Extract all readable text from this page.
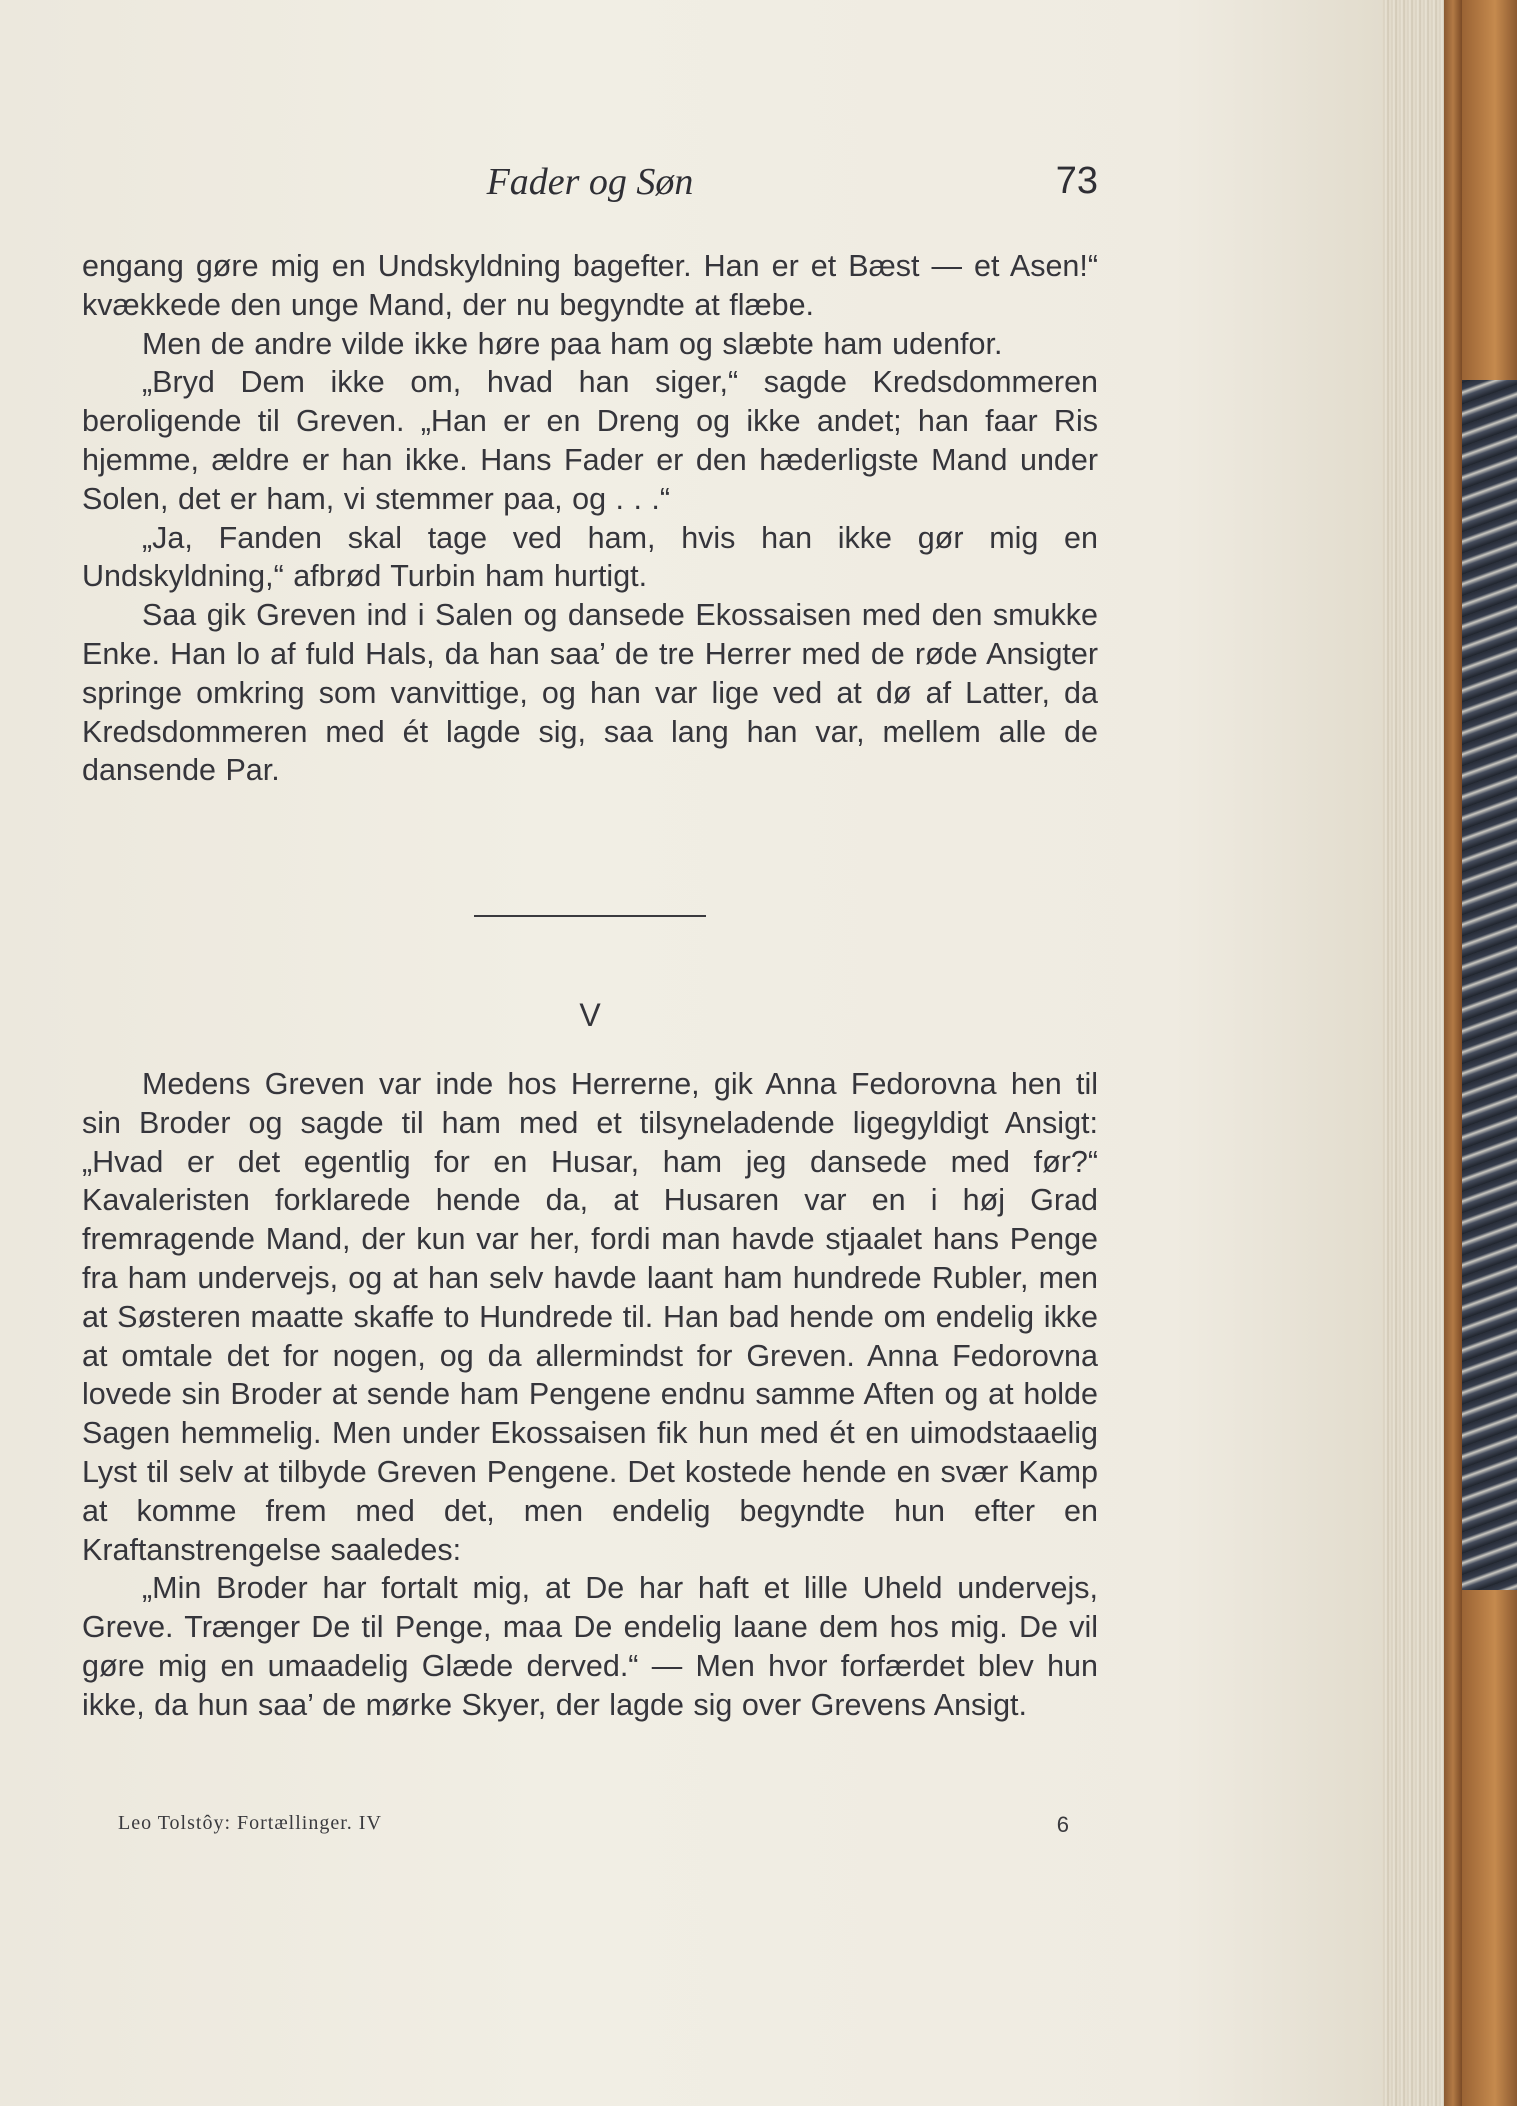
Fader og Søn	73

engang gøre mig en Undskyldning bagefter. Han er et Bæst — et Asen!“ kvækkede den unge Mand, der nu begyndte at flæbe.

Men de andre vilde ikke høre paa ham og slæbte ham udenfor.

„Bryd Dem ikke om, hvad han siger,“ sagde Kredsdommeren beroligende til Greven. „Han er en Dreng og ikke andet; han faar Ris hjemme, ældre er han ikke. Hans Fader er den hæderligste Mand under Solen, det er ham, vi stemmer paa, og . . .“

„Ja, Fanden skal tage ved ham, hvis han ikke gør mig en Undskyldning,“ afbrød Turbin ham hurtigt.

Saa gik Greven ind i Salen og dansede Ekossaisen med den smukke Enke. Han lo af fuld Hals, da han saa’ de tre Herrer med de røde Ansigter springe omkring som vanvittige, og han var lige ved at dø af Latter, da Kredsdommeren med ét lagde sig, saa lang han var, mellem alle de dansende Par.

V

Medens Greven var inde hos Herrerne, gik Anna Fedorovna hen til sin Broder og sagde til ham med et tilsyneladende ligegyldigt Ansigt: „Hvad er det egentlig for en Husar, ham jeg dansede med før?“ Kavaleristen forklarede hende da, at Husaren var en i høj Grad fremragende Mand, der kun var her, fordi man havde stjaalet hans Penge fra ham undervejs, og at han selv havde laant ham hundrede Rubler, men at Søsteren maatte skaffe to Hundrede til. Han bad hende om endelig ikke at omtale det for nogen, og da allermindst for Greven. Anna Fedorovna lovede sin Broder at sende ham Pengene endnu samme Aften og at holde Sagen hemmelig. Men under Ekossaisen fik hun med ét en uimodstaaelig Lyst til selv at tilbyde Greven Pengene. Det kostede hende en svær Kamp at komme frem med det, men endelig begyndte hun efter en Kraftanstrengelse saaledes:

„Min Broder har fortalt mig, at De har haft et lille Uheld undervejs, Greve. Trænger De til Penge, maa De endelig laane dem hos mig. De vil gøre mig en umaadelig Glæde derved.“ — Men hvor forfærdet blev hun ikke, da hun saa’ de mørke Skyer, der lagde sig over Grevens Ansigt.

Leo Tolstôy: Fortællinger. IV	6
